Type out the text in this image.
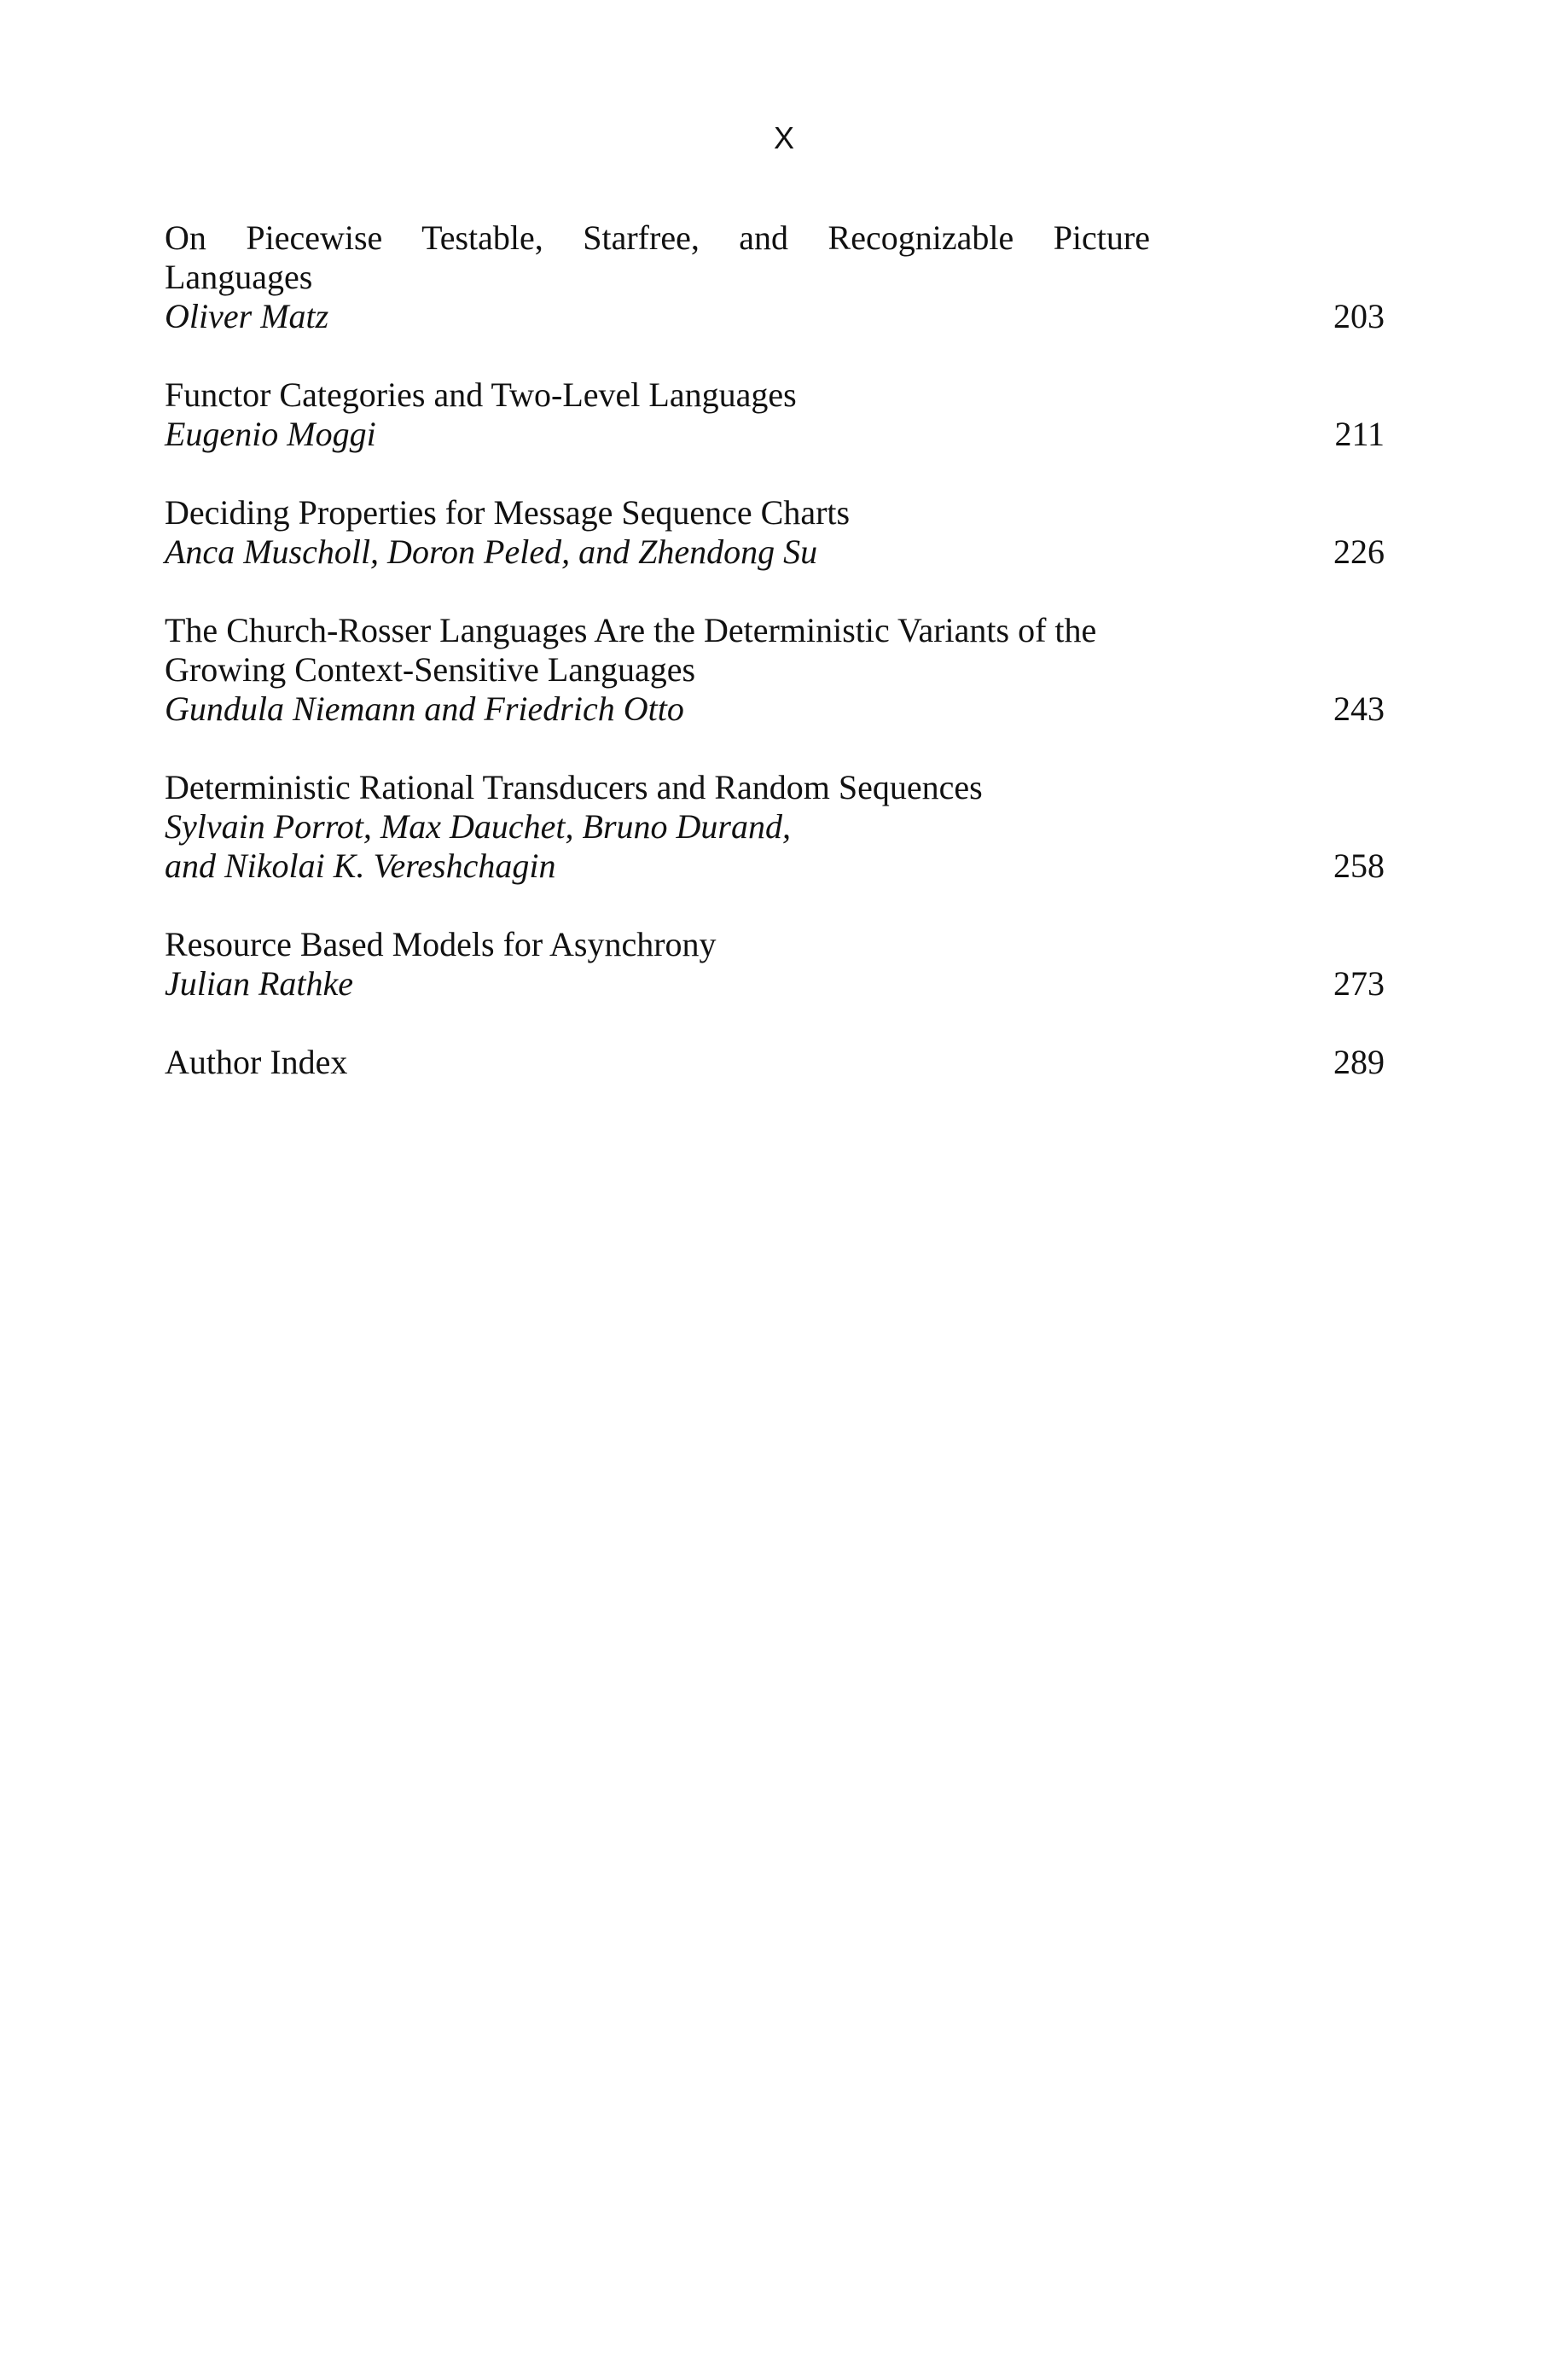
X
On Piecewise Testable, Starfree, and Recognizable Picture
Languages
Oliver Matz	203
Functor Categories and Two-Level Languages
Eugenio Moggi	211
Deciding Properties for Message Sequence Charts
Anca Muscholl, Doron Peled, and Zhendong Su	226
The Church-Rosser Languages Are the Deterministic Variants of the
Growing Context-Sensitive Languages
Gundula Niemann and Friedrich Otto	243
Deterministic Rational Transducers and Random Sequences
Sylvain Porrot, Max Dauchet, Bruno Durand,
and Nikolai K. Vereshchagin	258
Resource Based Models for Asynchrony
Julian Rathke	273
Author Index	289
